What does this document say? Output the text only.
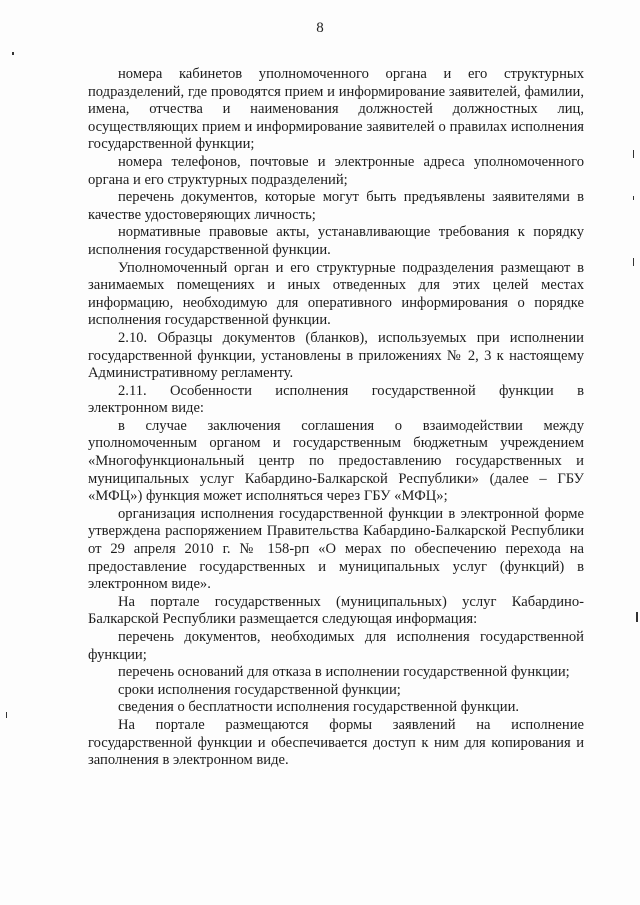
8

номера кабинетов уполномоченного органа и его структурных подразделений, где проводятся прием и информирование заявителей, фамилии, имена, отчества и наименования должностей должностных лиц, осуществляющих прием и информирование заявителей о правилах исполнения государственной функции;

номера телефонов, почтовые и электронные адреса уполномоченного органа и его структурных подразделений;

перечень документов, которые могут быть предъявлены заявителями в качестве удостоверяющих личность;

нормативные правовые акты, устанавливающие требования к порядку исполнения государственной функции.

Уполномоченный орган и его структурные подразделения размещают в занимаемых помещениях и иных отведенных для этих целей местах информацию, необходимую для оперативного информирования о порядке исполнения государственной функции.

2.10. Образцы документов (бланков), используемых при исполнении государственной функции, установлены в приложениях № 2, 3 к настоящему Административному регламенту.

2.11. Особенности исполнения государственной функции в

электронном виде:

в случае заключения соглашения о взаимодействии между уполномоченным органом и государственным бюджетным учреждением «Многофункциональный центр по предоставлению государственных и муниципальных услуг Кабардино-Балкарской Республики» (далее – ГБУ «МФЦ») функция может исполняться через ГБУ «МФЦ»;

организация исполнения государственной функции в электронной форме утверждена распоряжением Правительства Кабардино-Балкарской Республики от 29 апреля 2010 г. № 158-рп «О мерах по обеспечению перехода на предоставление государственных и муниципальных услуг (функций) в электронном виде».

На портале государственных (муниципальных) услуг Кабардино-Балкарской Республики размещается следующая информация:

перечень документов, необходимых для исполнения государственной функции;

перечень оснований для отказа в исполнении государственной функции;

сроки исполнения государственной функции;

сведения о бесплатности исполнения государственной функции.

На портале размещаются формы заявлений на исполнение государственной функции и обеспечивается доступ к ним для копирования и заполнения в электронном виде.
